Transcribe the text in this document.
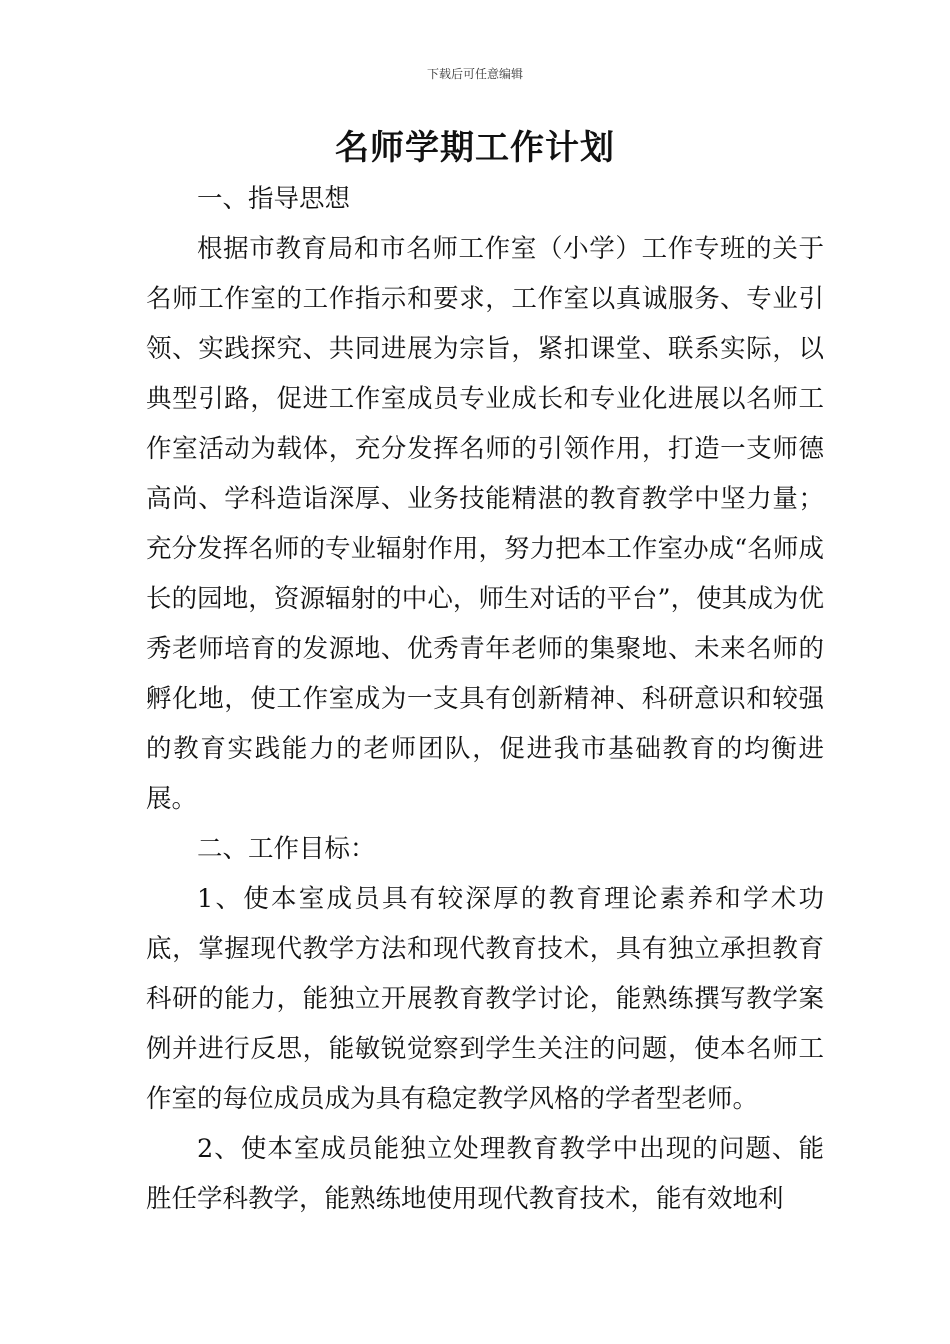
下载后可任意编辑
名师学期工作计划

一、指导思想

根据市教育局和市名师工作室（小学）工作专班的关于名师工作室的工作指示和要求，工作室以真诚服务、专业引领、实践探究、共同进展为宗旨，紧扣课堂、联系实际，以典型引路，促进工作室成员专业成长和专业化进展以名师工作室活动为载体，充分发挥名师的引领作用，打造一支师德高尚、学科造诣深厚、业务技能精湛的教育教学中坚力量；充分发挥名师的专业辐射作用，努力把本工作室办成“名师成长的园地，资源辐射的中心，师生对话的平台”，使其成为优秀老师培育的发源地、优秀青年老师的集聚地、未来名师的孵化地，使工作室成为一支具有创新精神、科研意识和较强的教育实践能力的老师团队，促进我市基础教育的均衡进展。

二、工作目标：

1、使本室成员具有较深厚的教育理论素养和学术功底，掌握现代教学方法和现代教育技术，具有独立承担教育科研的能力，能独立开展教育教学讨论，能熟练撰写教学案例并进行反思，能敏锐觉察到学生关注的问题，使本名师工作室的每位成员成为具有稳定教学风格的学者型老师。

2、使本室成员能独立处理教育教学中出现的问题、能胜任学科教学，能熟练地使用现代教育技术，能有效地利
